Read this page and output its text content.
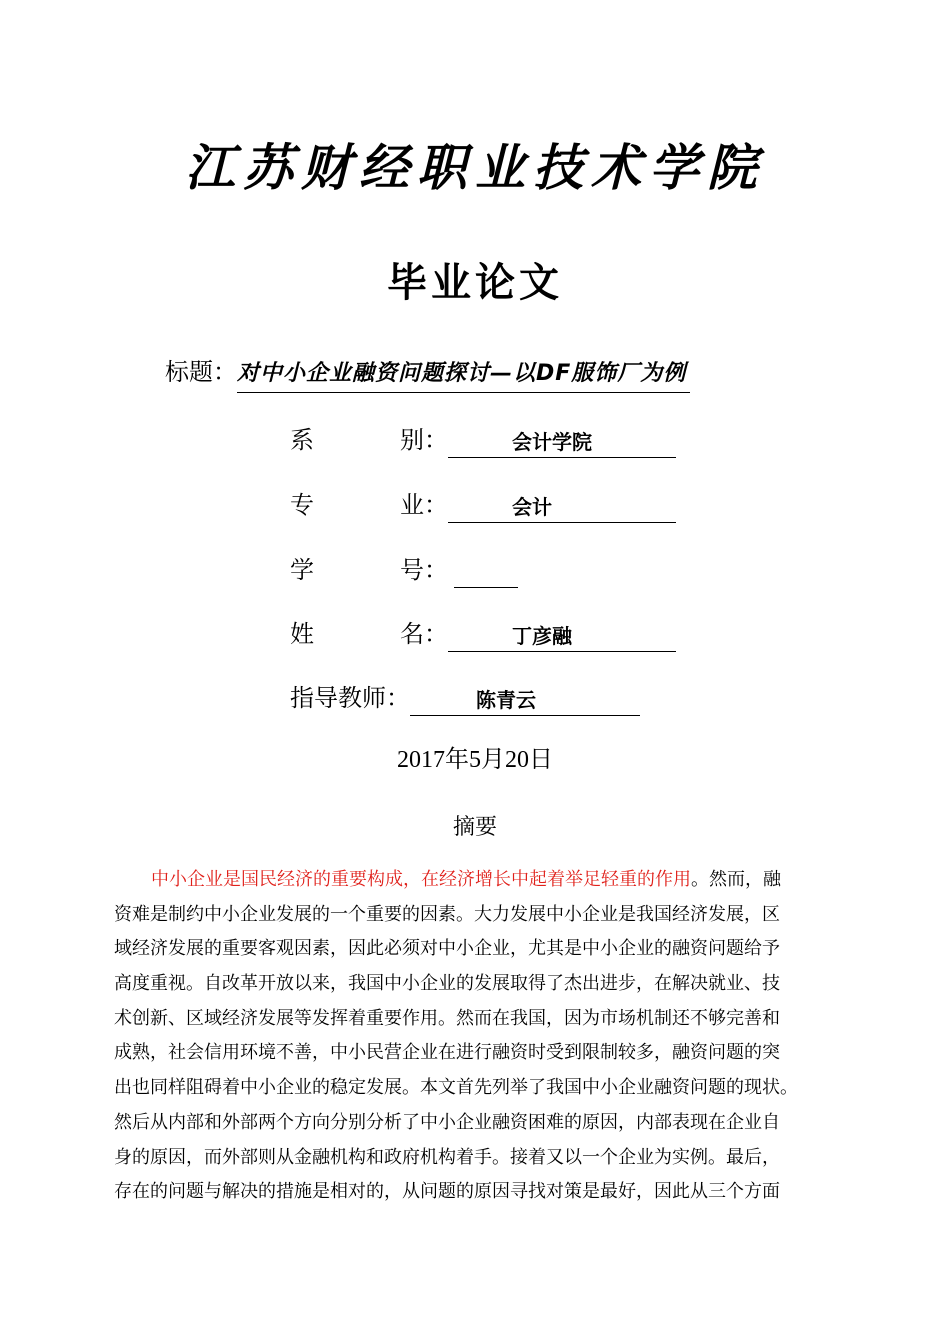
江苏财经职业技术学院
毕业论文
标题：对中小企业融资问题探讨—以DF服饰厂为例
系	别：	会计学院
专	业：	会计
学	号：
姓	名：	丁彦融
指导教师：	陈青云
2017年5月20日
摘要
中小企业是国民经济的重要构成，在经济增长中起着举足轻重的作用。然而，融
资难是制约中小企业发展的一个重要的因素。大力发展中小企业是我国经济发展，区
域经济发展的重要客观因素，因此必须对中小企业，尤其是中小企业的融资问题给予
高度重视。自改革开放以来，我国中小企业的发展取得了杰出进步，在解决就业、技
术创新、区域经济发展等发挥着重要作用。然而在我国，因为市场机制还不够完善和
成熟，社会信用环境不善，中小民营企业在进行融资时受到限制较多，融资问题的突
出也同样阻碍着中小企业的稳定发展。本文首先列举了我国中小企业融资问题的现状。
然后从内部和外部两个方向分别分析了中小企业融资困难的原因，内部表现在企业自
身的原因，而外部则从金融机构和政府机构着手。接着又以一个企业为实例。最后，
存在的问题与解决的措施是相对的，从问题的原因寻找对策是最好，因此从三个方面
